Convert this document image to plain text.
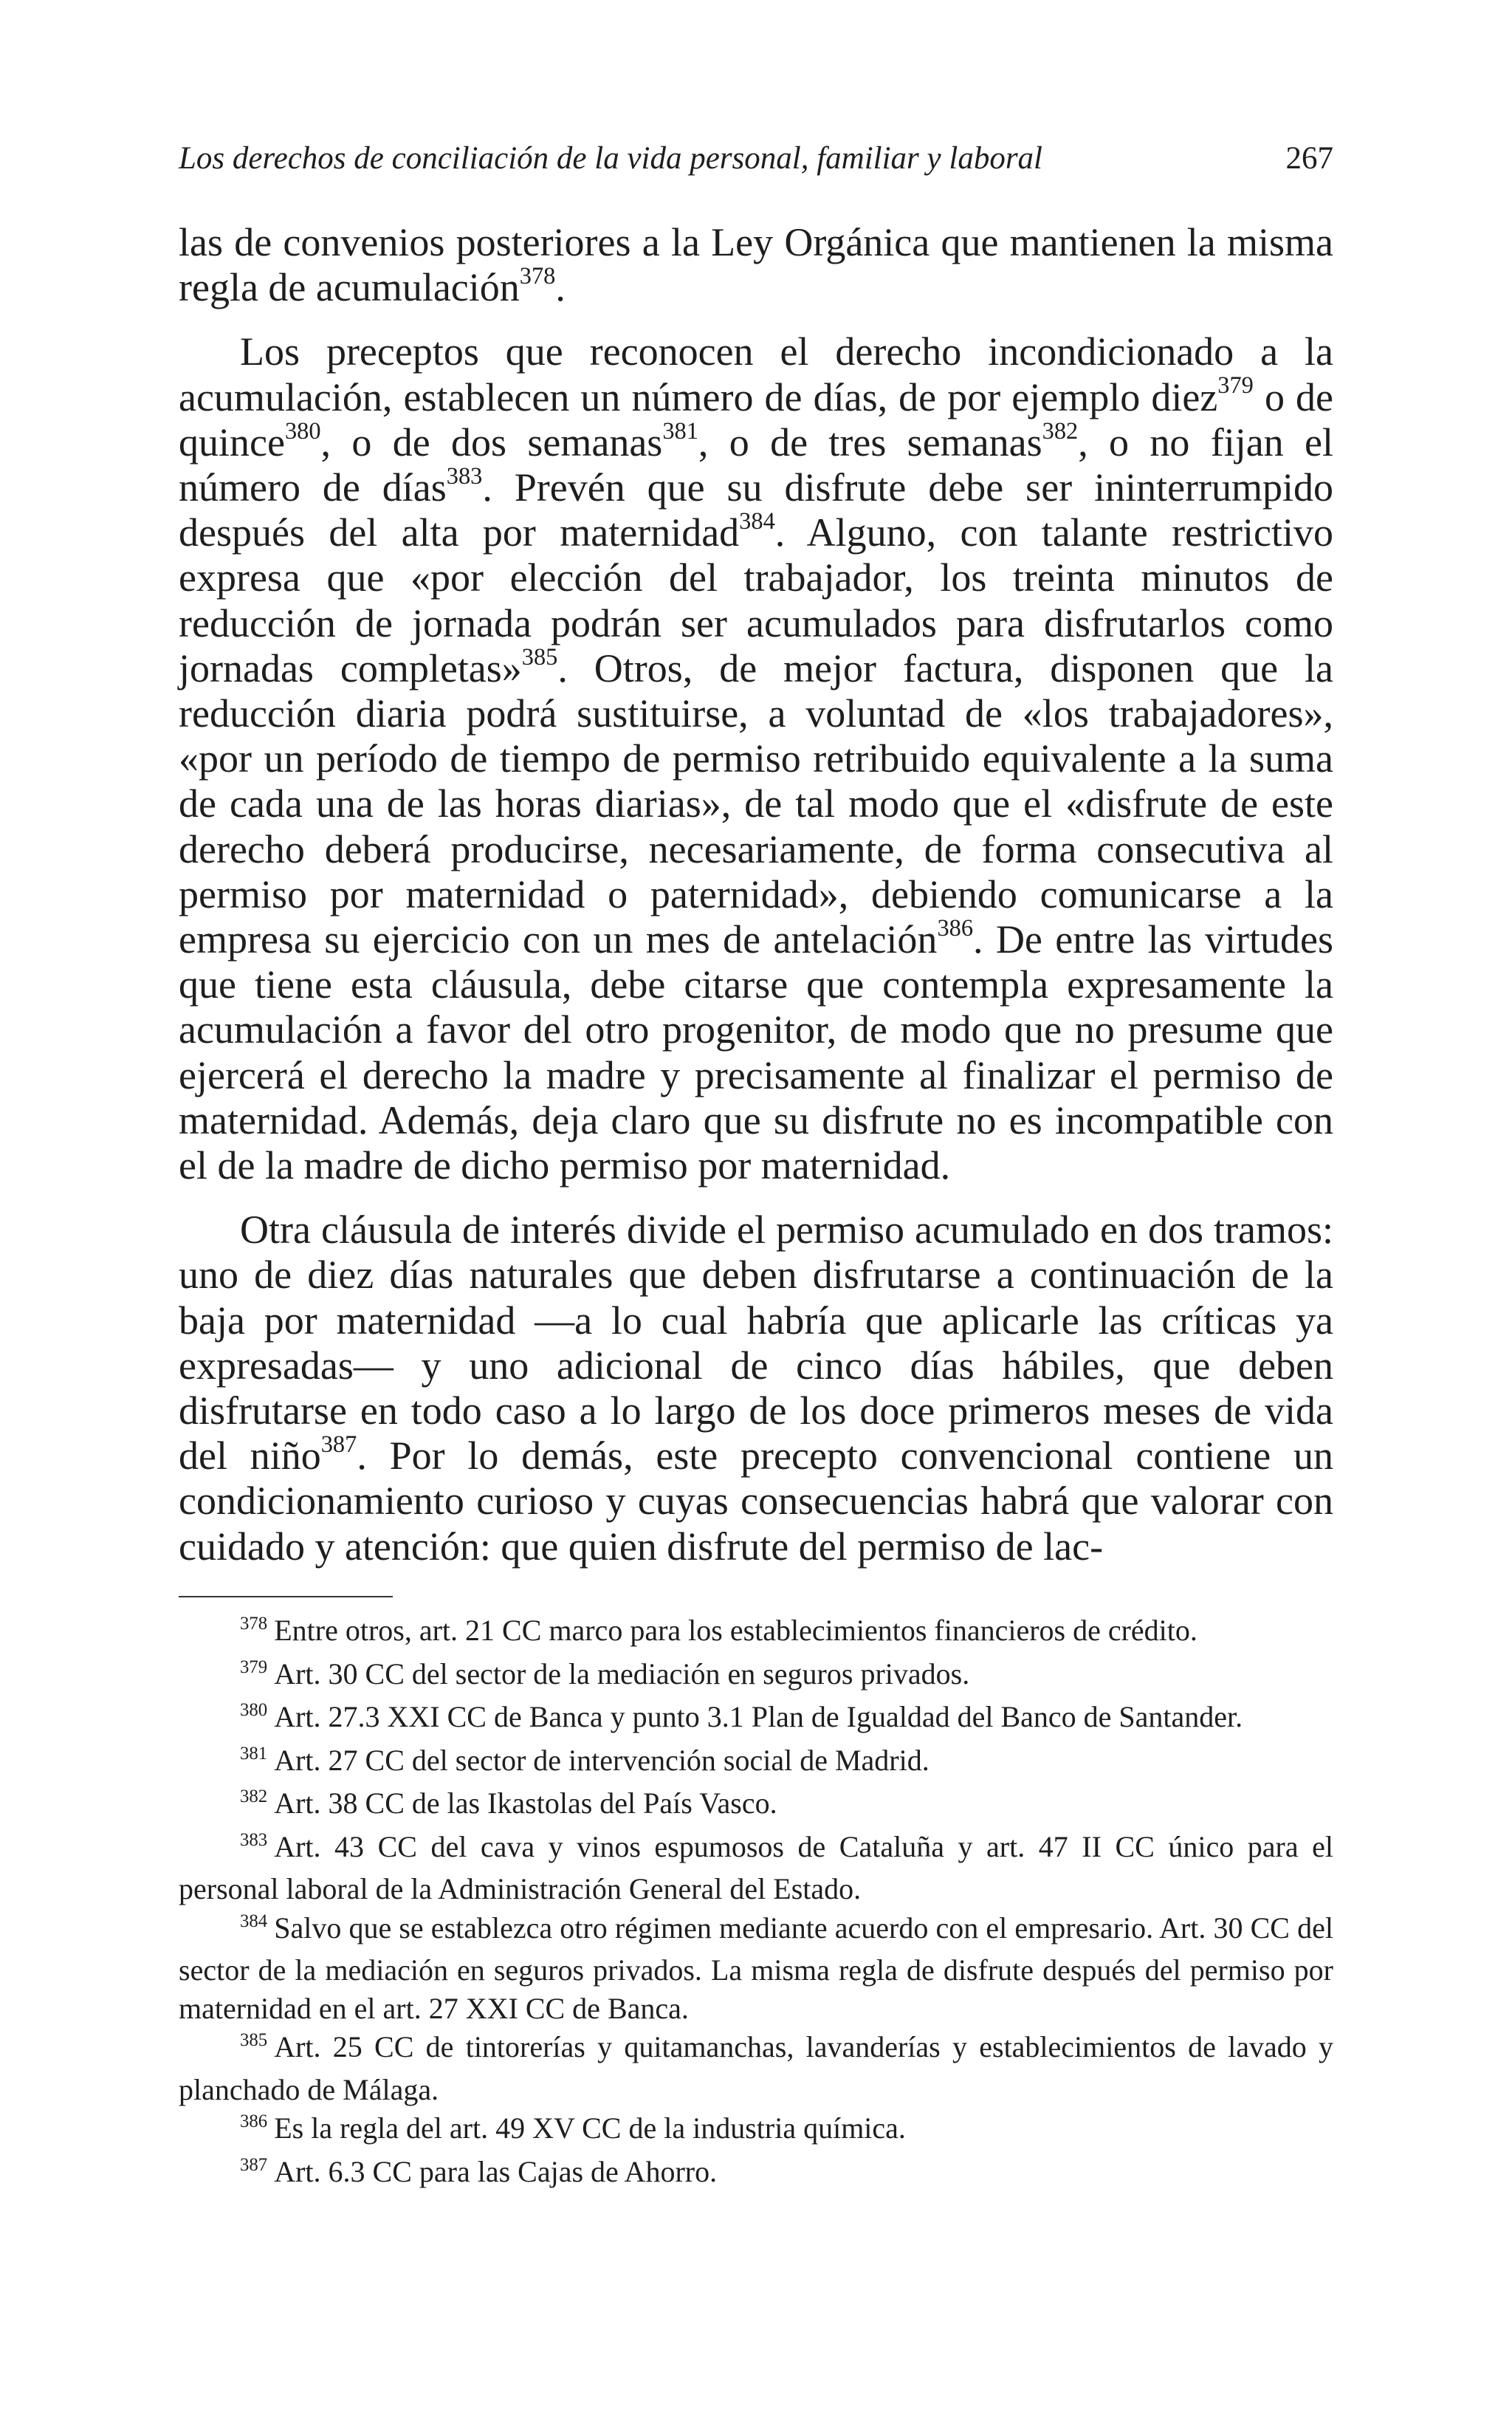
Los derechos de conciliación de la vida personal, familiar y laboral	267

las de convenios posteriores a la Ley Orgánica que mantienen la misma regla de acumulación$^{378}$.

Los preceptos que reconocen el derecho incondicionado a la acumulación, establecen un número de días, de por ejemplo diez$^{379}$ o de quince$^{380}$, o de dos semanas$^{381}$, o de tres semanas$^{382}$, o no fijan el número de días$^{383}$. Prevén que su disfrute debe ser ininterrumpido después del alta por maternidad$^{384}$. Alguno, con talante restrictivo expresa que «por elección del trabajador, los treinta minutos de reducción de jornada podrán ser acumulados para disfrutarlos como jornadas completas»$^{385}$. Otros, de mejor factura, disponen que la reducción diaria podrá sustituirse, a voluntad de «los trabajadores», «por un período de tiempo de permiso retribuido equivalente a la suma de cada una de las horas diarias», de tal modo que el «disfrute de este derecho deberá producirse, necesariamente, de forma consecutiva al permiso por maternidad o paternidad», debiendo comunicarse a la empresa su ejercicio con un mes de antelación$^{386}$. De entre las virtudes que tiene esta cláusula, debe citarse que contempla expresamente la acumulación a favor del otro progenitor, de modo que no presume que ejercerá el derecho la madre y precisamente al finalizar el permiso de maternidad. Además, deja claro que su disfrute no es incompatible con el de la madre de dicho permiso por maternidad.

Otra cláusula de interés divide el permiso acumulado en dos tramos: uno de diez días naturales que deben disfrutarse a continuación de la baja por maternidad —a lo cual habría que aplicarle las críticas ya expresadas— y uno adicional de cinco días hábiles, que deben disfrutarse en todo caso a lo largo de los doce primeros meses de vida del niño$^{387}$. Por lo demás, este precepto convencional contiene un condicionamiento curioso y cuyas consecuencias habrá que valorar con cuidado y atención: que quien disfrute del permiso de lac-

$^{378}$ Entre otros, art. 21 CC marco para los establecimientos financieros de crédito.

$^{379}$ Art. 30 CC del sector de la mediación en seguros privados.

$^{380}$ Art. 27.3 XXI CC de Banca y punto 3.1 Plan de Igualdad del Banco de Santander.

$^{381}$ Art. 27 CC del sector de intervención social de Madrid.

$^{382}$ Art. 38 CC de las Ikastolas del País Vasco.

$^{383}$ Art. 43 CC del cava y vinos espumosos de Cataluña y art. 47 II CC único para el personal laboral de la Administración General del Estado.

$^{384}$ Salvo que se establezca otro régimen mediante acuerdo con el empresario. Art. 30 CC del sector de la mediación en seguros privados. La misma regla de disfrute después del permiso por maternidad en el art. 27 XXI CC de Banca.

$^{385}$ Art. 25 CC de tintorerías y quitamanchas, lavanderías y establecimientos de lavado y planchado de Málaga.

$^{386}$ Es la regla del art. 49 XV CC de la industria química.

$^{387}$ Art. 6.3 CC para las Cajas de Ahorro.
